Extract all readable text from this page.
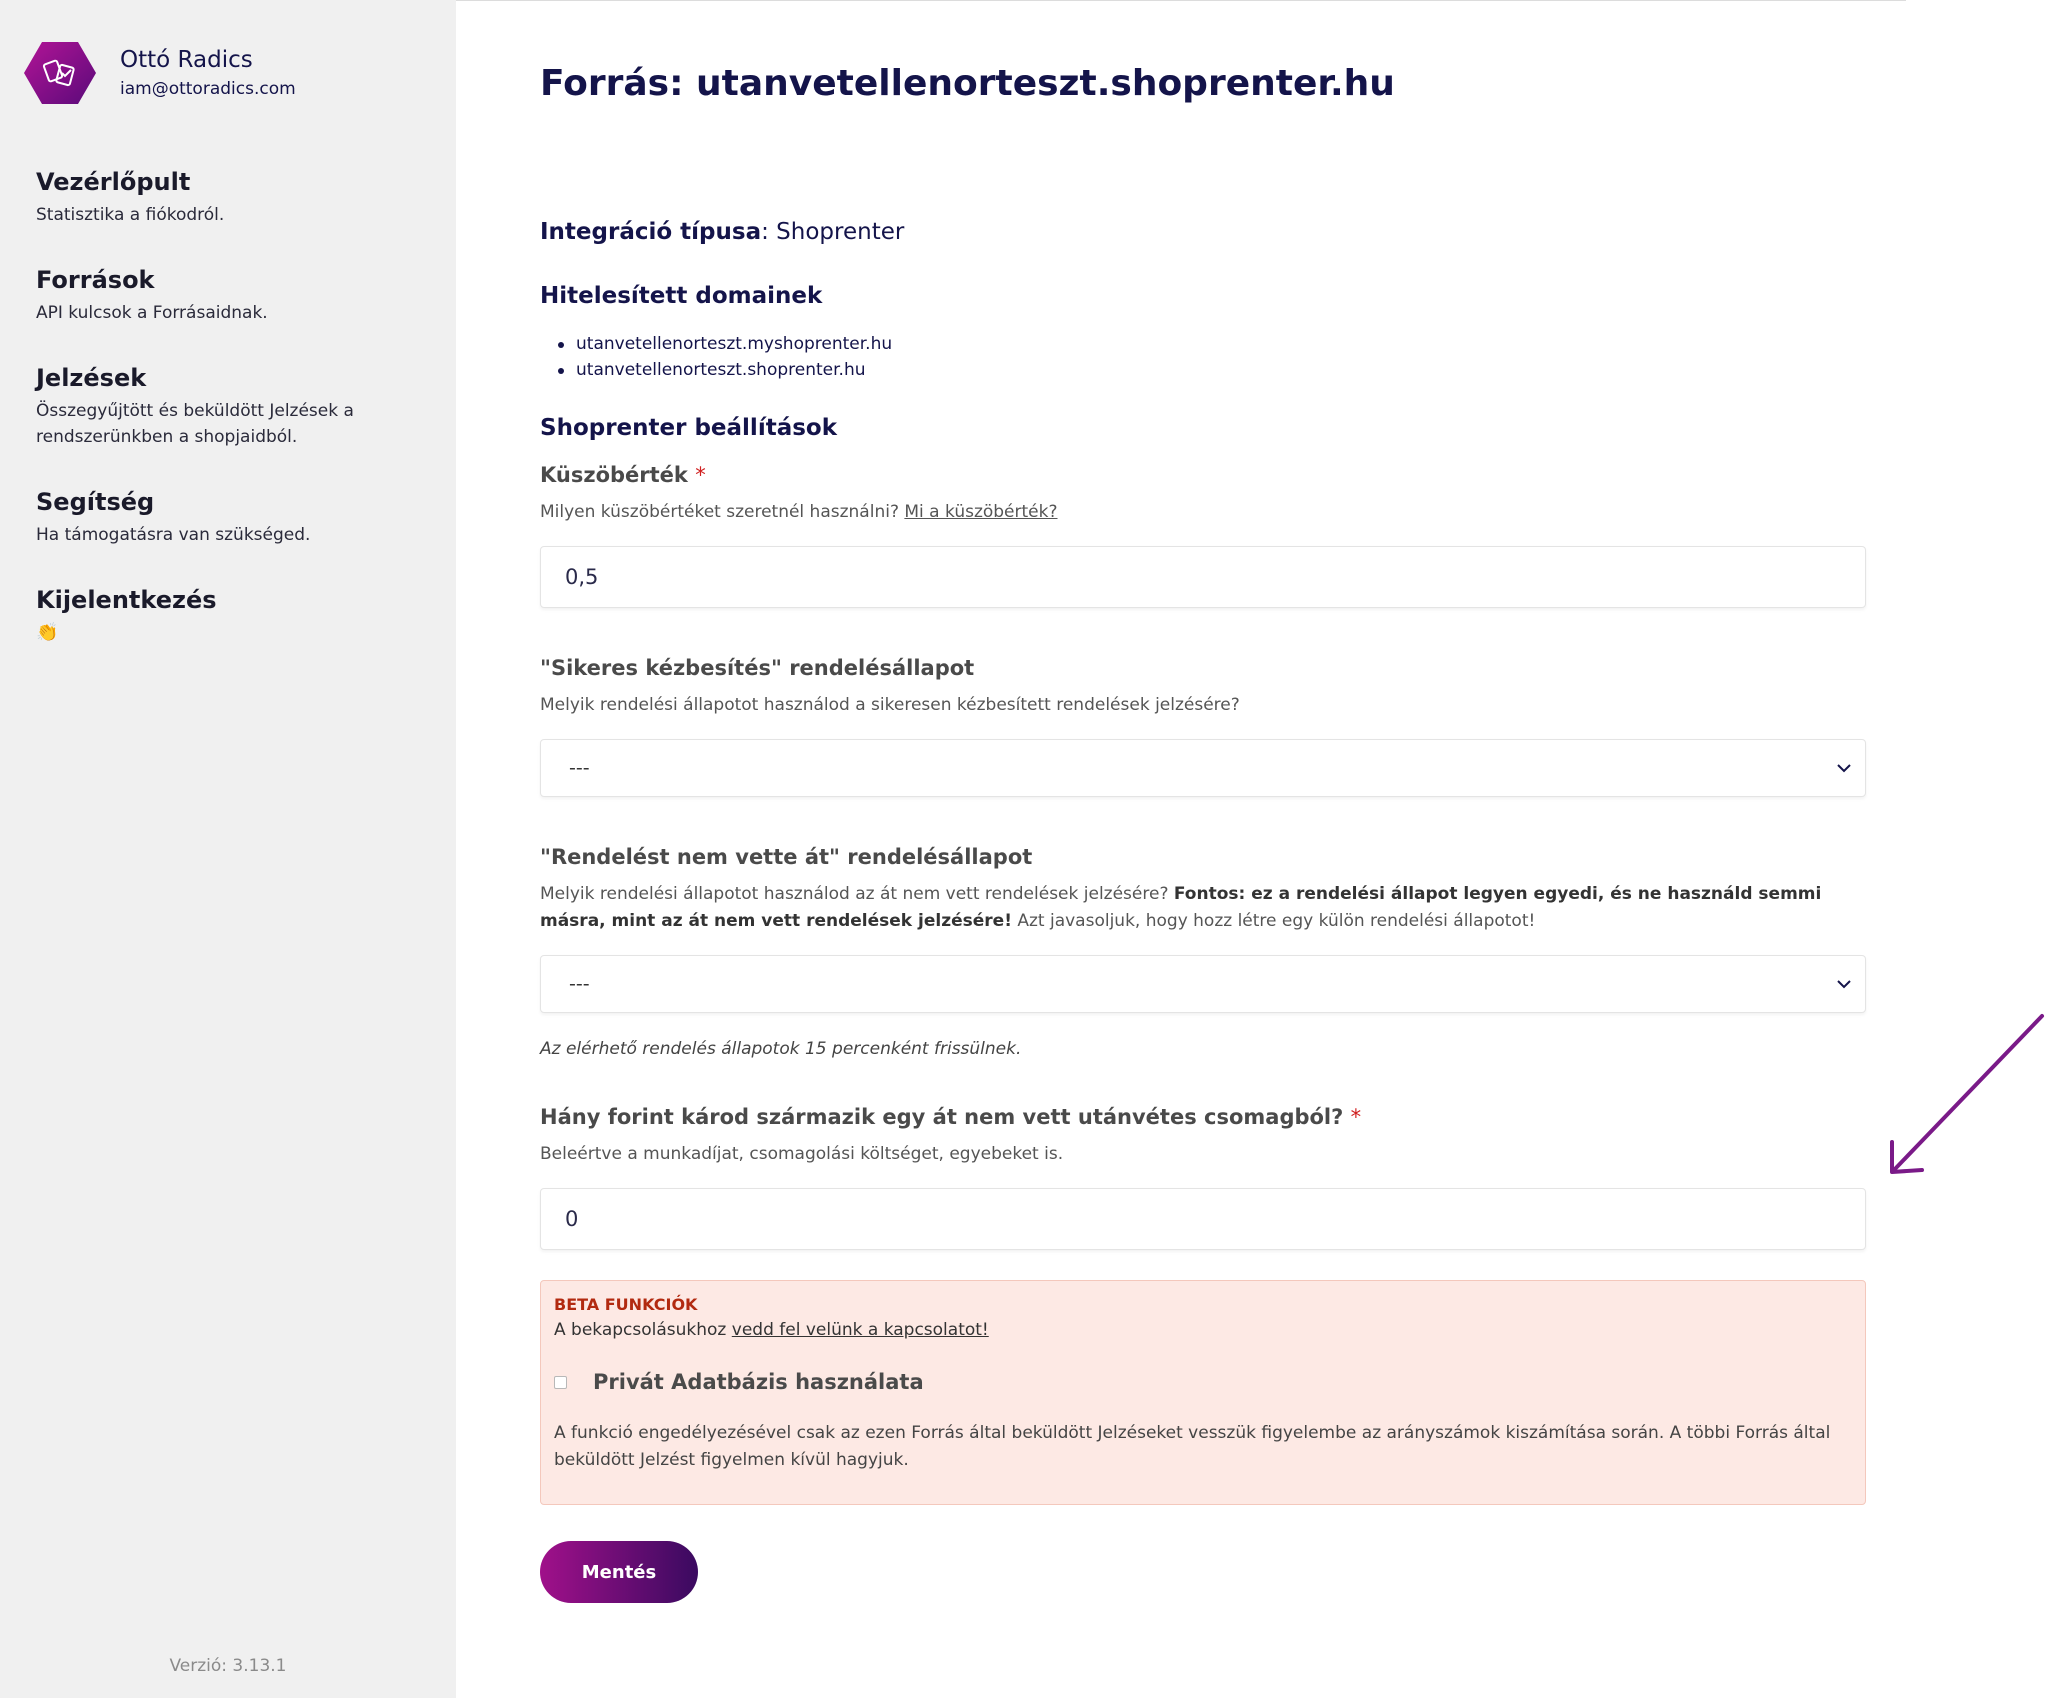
Ottó Radics
iam@ottoradics.com
Vezérlőpult
Statisztika a fiókodról.
Források
API kulcsok a Forrásaidnak.
Jelzések
Összegyűjtött és beküldött Jelzések a rendszerünkben a shopjaidból.
Segítség
Ha támogatásra van szükséged.
Kijelentkezés
👏
Verzió: 3.13.1
Forrás: utanvetellenorteszt.shoprenter.hu
Integráció típusa: Shoprenter
Hitelesített domainek
utanvetellenorteszt.myshoprenter.hu
utanvetellenorteszt.shoprenter.hu
Shoprenter beállítások
Küszöbérték *
Milyen küszöbértéket szeretnél használni? Mi a küszöbérték?
0,5
"Sikeres kézbesítés" rendelésállapot
Melyik rendelési állapotot használod a sikeresen kézbesített rendelések jelzésére?
---
"Rendelést nem vette át" rendelésállapot
Melyik rendelési állapotot használod az át nem vett rendelések jelzésére? Fontos: ez a rendelési állapot legyen egyedi, és ne használd semmi másra, mint az át nem vett rendelések jelzésére! Azt javasoljuk, hogy hozz létre egy külön rendelési állapotot!
---
Az elérhető rendelés állapotok 15 percenként frissülnek.
Hány forint károd származik egy át nem vett utánvétes csomagból? *
Beleértve a munkadíjat, csomagolási költséget, egyebeket is.
0
BETA FUNKCIÓK
A bekapcsolásukhoz vedd fel velünk a kapcsolatot!
Privát Adatbázis használata
A funkció engedélyezésével csak az ezen Forrás által beküldött Jelzéseket vesszük figyelembe az arányszámok kiszámítása során. A többi Forrás által beküldött Jelzést figyelmen kívül hagyjuk.
Mentés
